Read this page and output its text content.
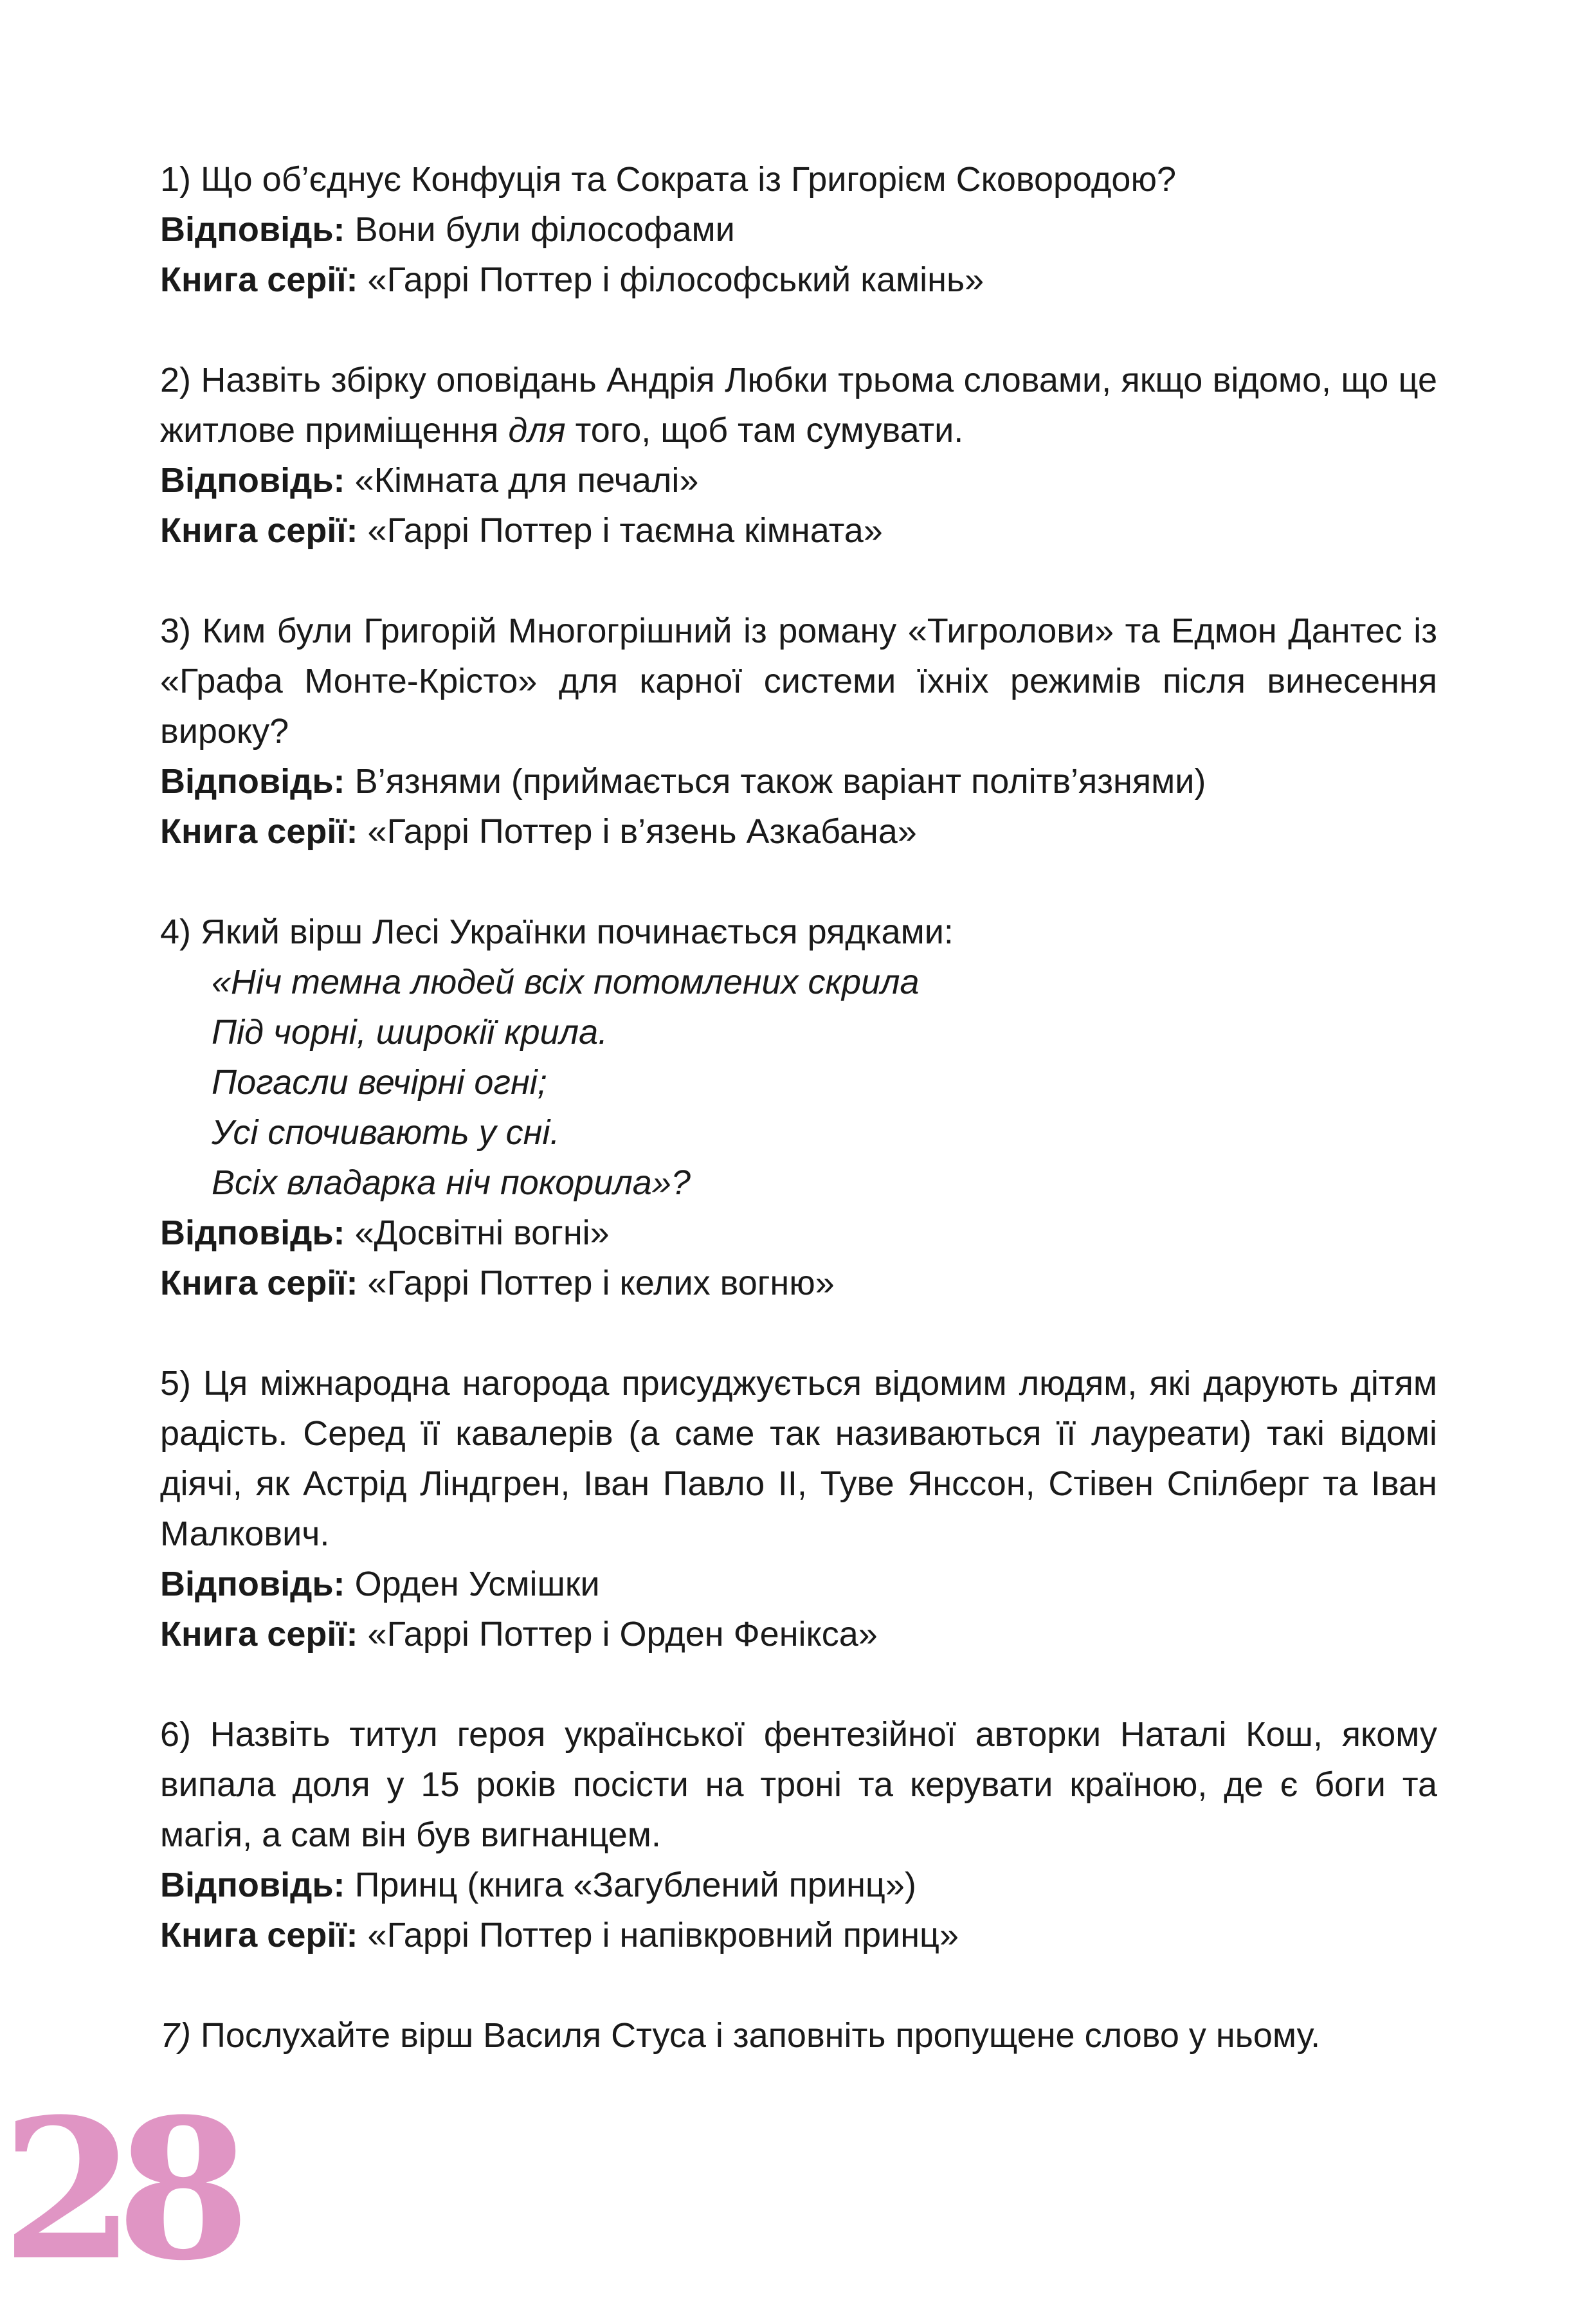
1) Що об’єднує Конфуція та Сократа із Григорієм Сковородою?
Відповідь: Вони були філософами
Книга серії: «Гаррі Поттер і філософський камінь»
2) Назвіть збірку оповідань Андрія Любки трьома словами, якщо відомо, що це житлове приміщення для того, щоб там сумувати.
Відповідь: «Кімната для печалі»
Книга серії: «Гаррі Поттер і таємна кімната»
3) Ким були Григорій Многогрішний із роману «Тигролови» та Едмон Дантес із «Графа Монте-Крісто» для карної системи їхніх режимів після винесення вироку?
Відповідь: В’язнями (приймається також варіант політв’язнями)
Книга серії: «Гаррі Поттер і в’язень Азкабана»
4) Який вірш Лесі Українки починається рядками:
«Ніч темна людей всіх потомлених скрила
Під чорні, широкії крила.
Погасли вечірні огні;
Усі спочивають у сні.
Всіх владарка ніч покорила»?
Відповідь: «Досвітні вогні»
Книга серії: «Гаррі Поттер і келих вогню»
5) Ця міжнародна нагорода присуджується відомим людям, які дарують дітям радість. Серед її кавалерів (а саме так називаються її лауреати) такі відомі діячі, як Астрід Ліндгрен, Іван Павло ІІ, Туве Янссон, Стівен Спілберг та Іван Малкович.
Відповідь: Орден Усмішки
Книга серії: «Гаррі Поттер і Орден Фенікса»
6) Назвіть титул героя української фентезійної авторки Наталі Кош, якому випала доля у 15 років посісти на троні та керувати країною, де є боги та магія, а сам він був вигнанцем.
Відповідь: Принц (книга «Загублений принц»)
Книга серії: «Гаррі Поттер і напівкровний принц»
7) Послухайте вірш Василя Стуса і заповніть пропущене слово у ньому.
28
